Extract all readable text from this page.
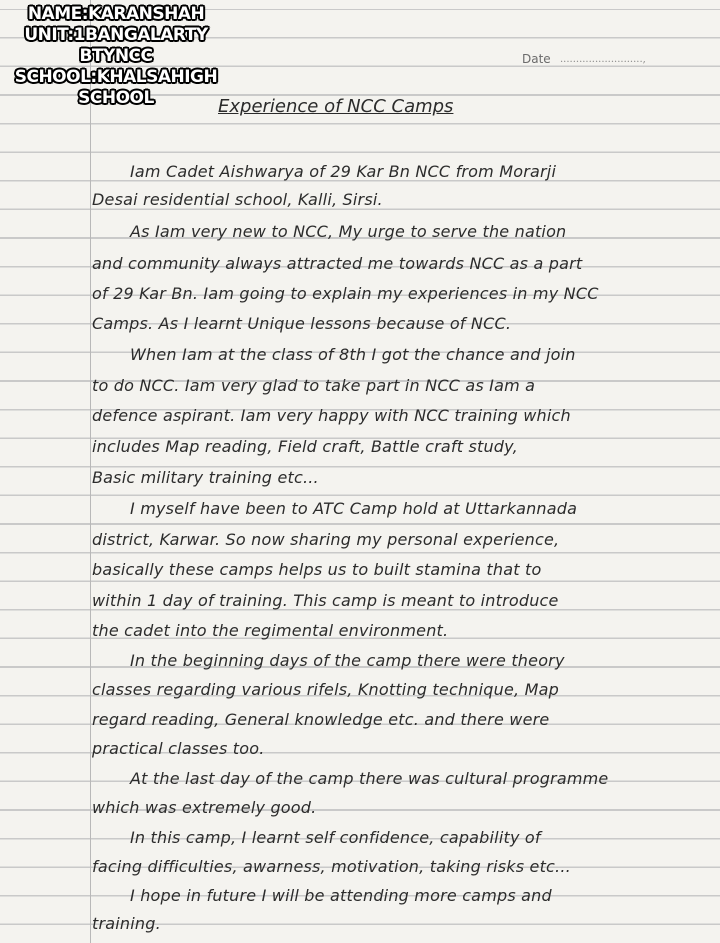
NAME:KARANSHAH
UNIT:1BANGALARTY
BTYNCC
SCHOOL:KHALSAHIGH
SCHOOL
Date ..........................,
Experience of NCC Camps
Iam Cadet Aishwarya of 29 Kar Bn NCC from Morarji
Desai residential school, Kalli, Sirsi.
As Iam very new to NCC, My urge to serve the nation
and community always attracted me towards NCC as a part
of 29 Kar Bn. Iam going to explain my experiences in my NCC
Camps. As I learnt Unique lessons because of NCC.
When Iam at the class of 8th I got the chance and join
to do NCC. Iam very glad to take part in NCC as Iam a
defence aspirant. Iam very happy with NCC training which
includes Map reading, Field craft, Battle craft study,
Basic military training etc...
I myself have been to ATC Camp hold at Uttarkannada
district, Karwar. So now sharing my personal experience,
basically these camps helps us to built stamina that to
within 1 day of training. This camp is meant to introduce
the cadet into the regimental environment.
In the beginning days of the camp there were theory
classes regarding various rifels, Knotting technique, Map
regard reading, General knowledge etc. and there were
practical classes too.
At the last day of the camp there was cultural programme
which was extremely good.
In this camp, I learnt self confidence, capability of
facing difficulties, awarness, motivation, taking risks etc...
I hope in future I will be attending more camps and
training.
